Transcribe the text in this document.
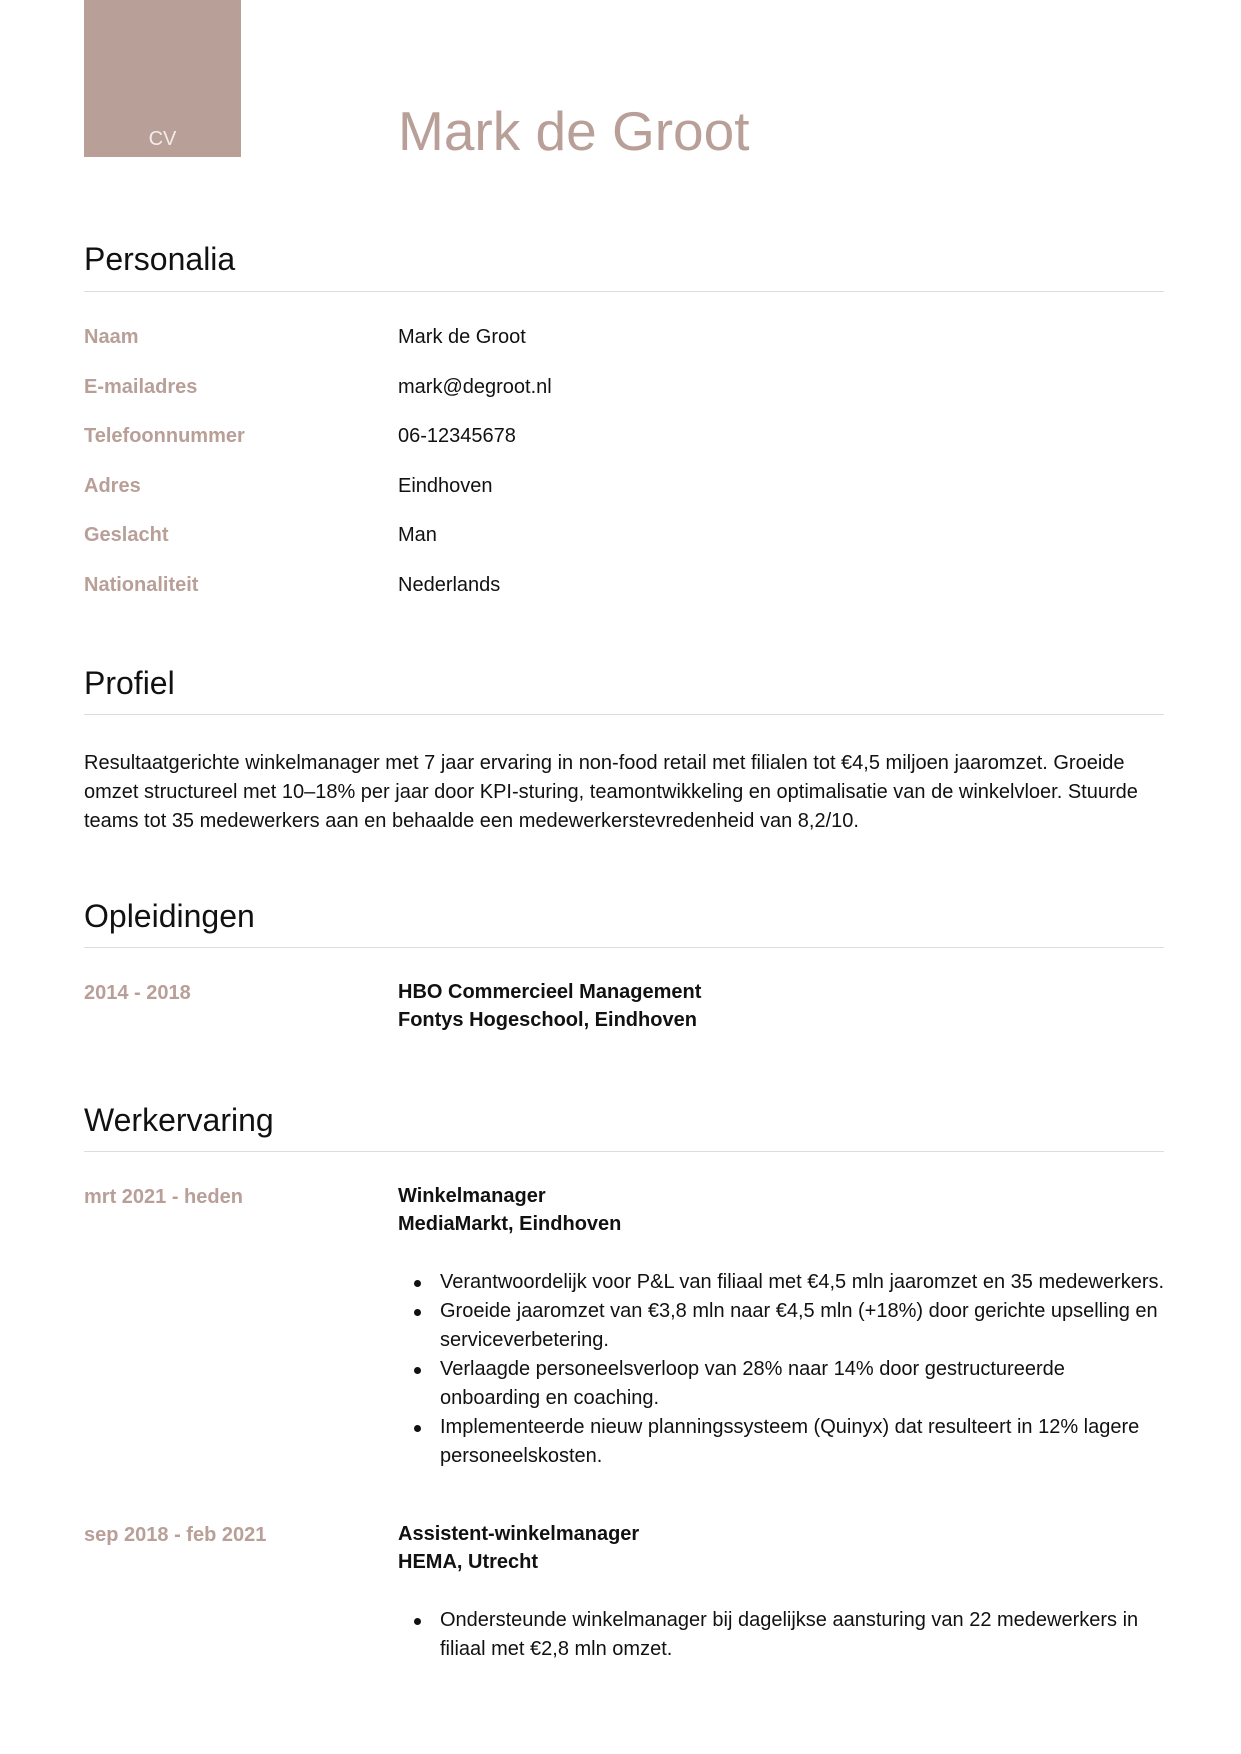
CV	Mark de Groot
Personalia
Naam	Mark de Groot
E-mailadres	mark@degroot.nl
Telefoonnummer	06-12345678
Adres	Eindhoven
Geslacht	Man
Nationaliteit	Nederlands
Profiel
Resultaatgerichte winkelmanager met 7 jaar ervaring in non-food retail met filialen tot €4,5 miljoen jaaromzet. Groeide omzet structureel met 10–18% per jaar door KPI-sturing, teamontwikkeling en optimalisatie van de winkelvloer. Stuurde teams tot 35 medewerkers aan en behaalde een medewerkerstevredenheid van 8,2/10.
Opleidingen
2014 - 2018	HBO Commercieel Management
Fontys Hogeschool, Eindhoven
Werkervaring
mrt 2021 - heden	Winkelmanager
MediaMarkt, Eindhoven
Verantwoordelijk voor P&L van filiaal met €4,5 mln jaaromzet en 35 medewerkers.
Groeide jaaromzet van €3,8 mln naar €4,5 mln (+18%) door gerichte upselling en serviceverbetering.
Verlaagde personeelsverloop van 28% naar 14% door gestructureerde onboarding en coaching.
Implementeerde nieuw planningssysteem (Quinyx) dat resulteert in 12% lagere personeelskosten.
sep 2018 - feb 2021	Assistent-winkelmanager
HEMA, Utrecht
Ondersteunde winkelmanager bij dagelijkse aansturing van 22 medewerkers in filiaal met €2,8 mln omzet.
